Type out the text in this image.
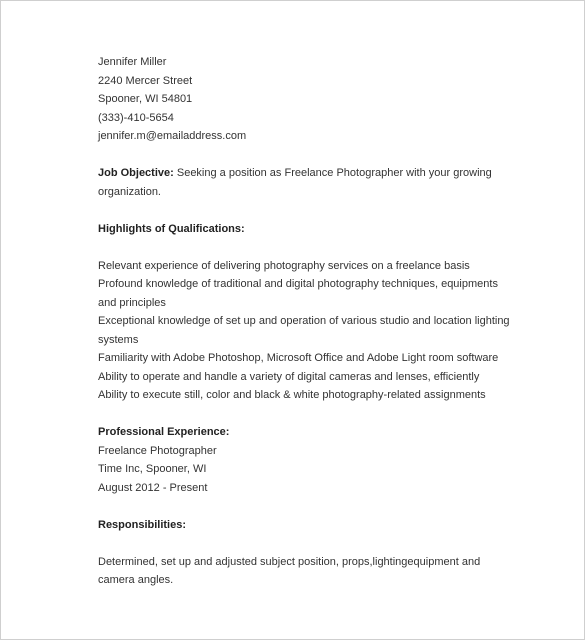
Jennifer Miller
2240 Mercer Street
Spooner, WI 54801
(333)-410-5654
jennifer.m@emailaddress.com
Job Objective: Seeking a position as Freelance Photographer with your growing organization.
Highlights of Qualifications:
Relevant experience of delivering photography services on a freelance basis
Profound knowledge of traditional and digital photography techniques, equipments and principles
Exceptional knowledge of set up and operation of various studio and location lighting systems
Familiarity with Adobe Photoshop, Microsoft Office and Adobe Light room software
Ability to operate and handle a variety of digital cameras and lenses, efficiently
Ability to execute still, color and black & white photography-related assignments
Professional Experience:
Freelance Photographer
Time Inc, Spooner, WI
August 2012 - Present
Responsibilities:
Determined, set up and adjusted subject position, props,lightingequipment and camera angles.
